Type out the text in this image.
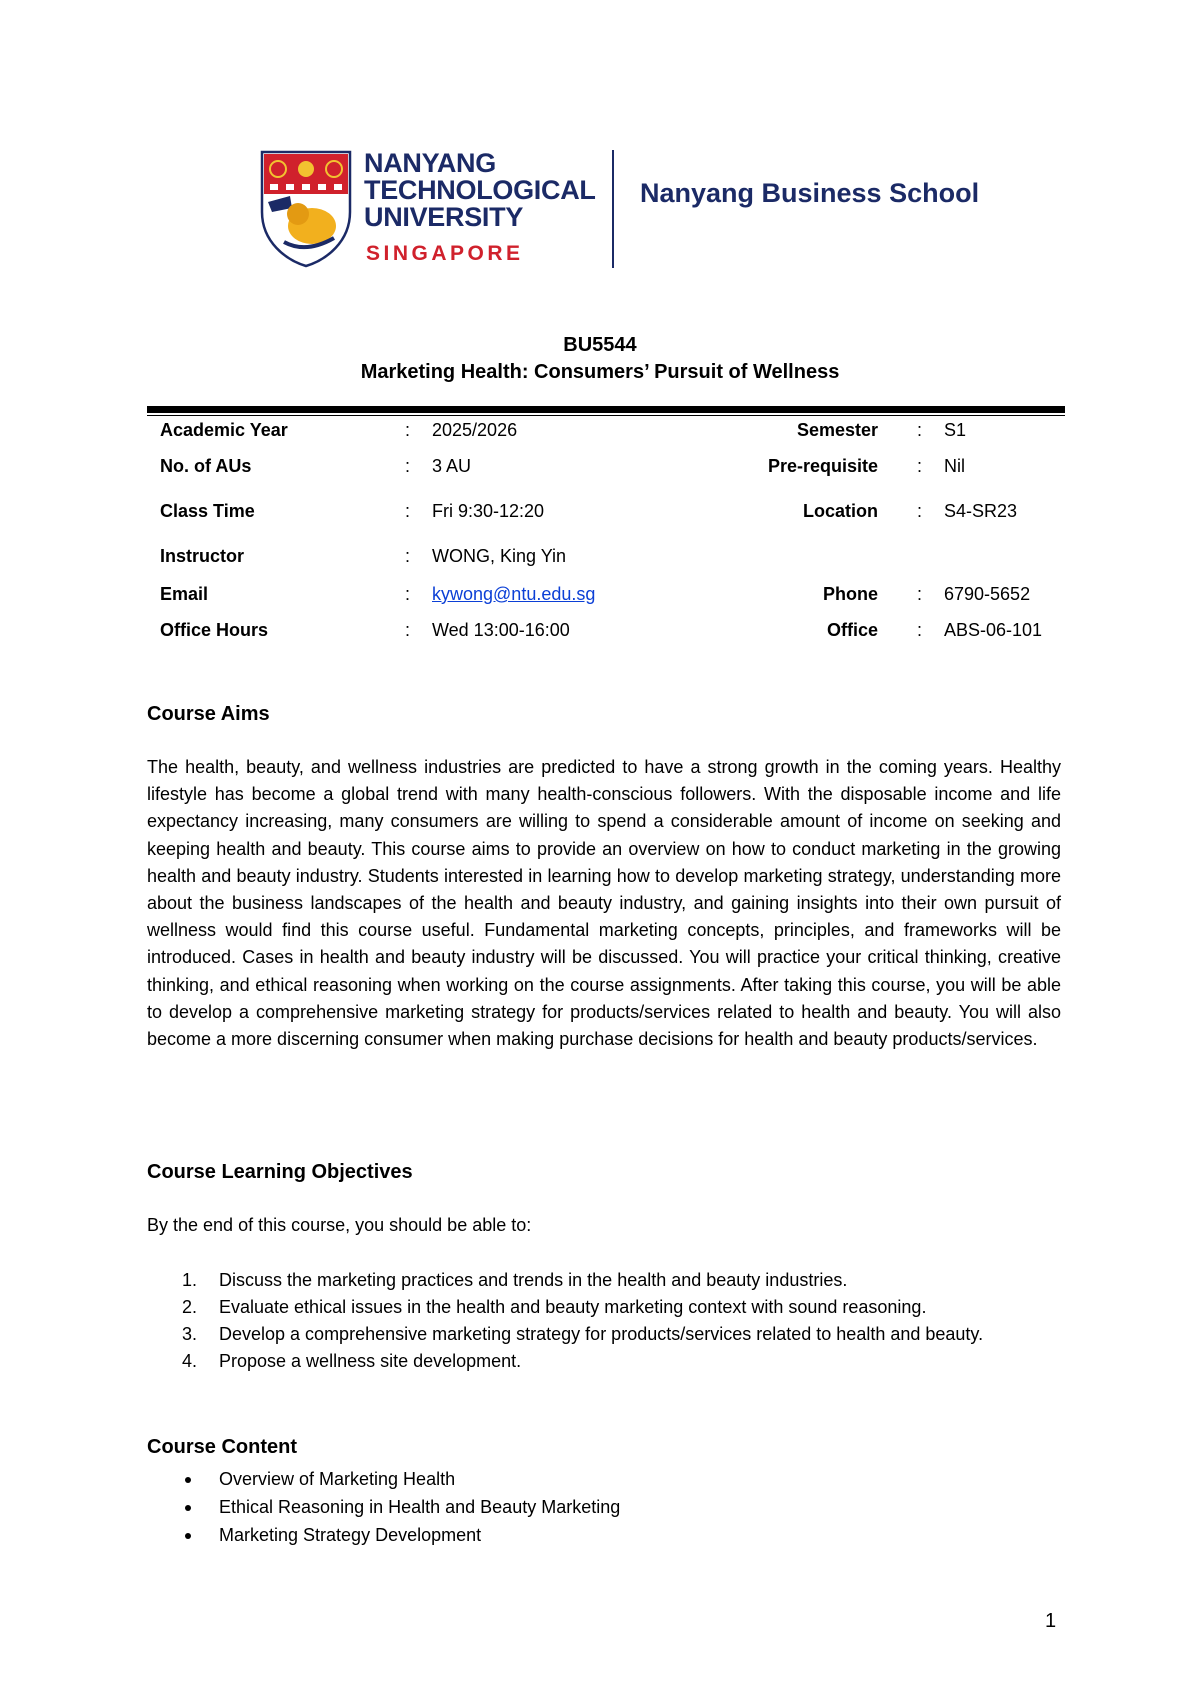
NANYANG
TECHNOLOGICAL
UNIVERSITY
SINGAPORE
Nanyang Business School
BU5544
Marketing Health: Consumers’ Pursuit of Wellness
Academic Year	: 2025/2026	Semester : S1
No. of AUs	: 3 AU	Pre-requisite : Nil
Class Time	: Fri 9:30-12:20	Location : S4-SR23
Instructor	: WONG, King Yin
Email	: kywong@ntu.edu.sg	Phone : 6790-5652
Office Hours	: Wed 13:00-16:00	Office : ABS-06-101
Course Aims
The health, beauty, and wellness industries are predicted to have a strong growth in the coming years. Healthy lifestyle has become a global trend with many health-conscious followers. With the disposable income and life expectancy increasing, many consumers are willing to spend a considerable amount of income on seeking and keeping health and beauty. This course aims to provide an overview on how to conduct marketing in the growing health and beauty industry. Students interested in learning how to develop marketing strategy, understanding more about the business landscapes of the health and beauty industry, and gaining insights into their own pursuit of wellness would find this course useful. Fundamental marketing concepts, principles, and frameworks will be introduced. Cases in health and beauty industry will be discussed. You will practice your critical thinking, creative thinking, and ethical reasoning when working on the course assignments. After taking this course, you will be able to develop a comprehensive marketing strategy for products/services related to health and beauty. You will also become a more discerning consumer when making purchase decisions for health and beauty products/services.
Course Learning Objectives
By the end of this course, you should be able to:
1. Discuss the marketing practices and trends in the health and beauty industries.
2. Evaluate ethical issues in the health and beauty marketing context with sound reasoning.
3. Develop a comprehensive marketing strategy for products/services related to health and beauty.
4. Propose a wellness site development.
Course Content
Overview of Marketing Health
Ethical Reasoning in Health and Beauty Marketing
Marketing Strategy Development
1
